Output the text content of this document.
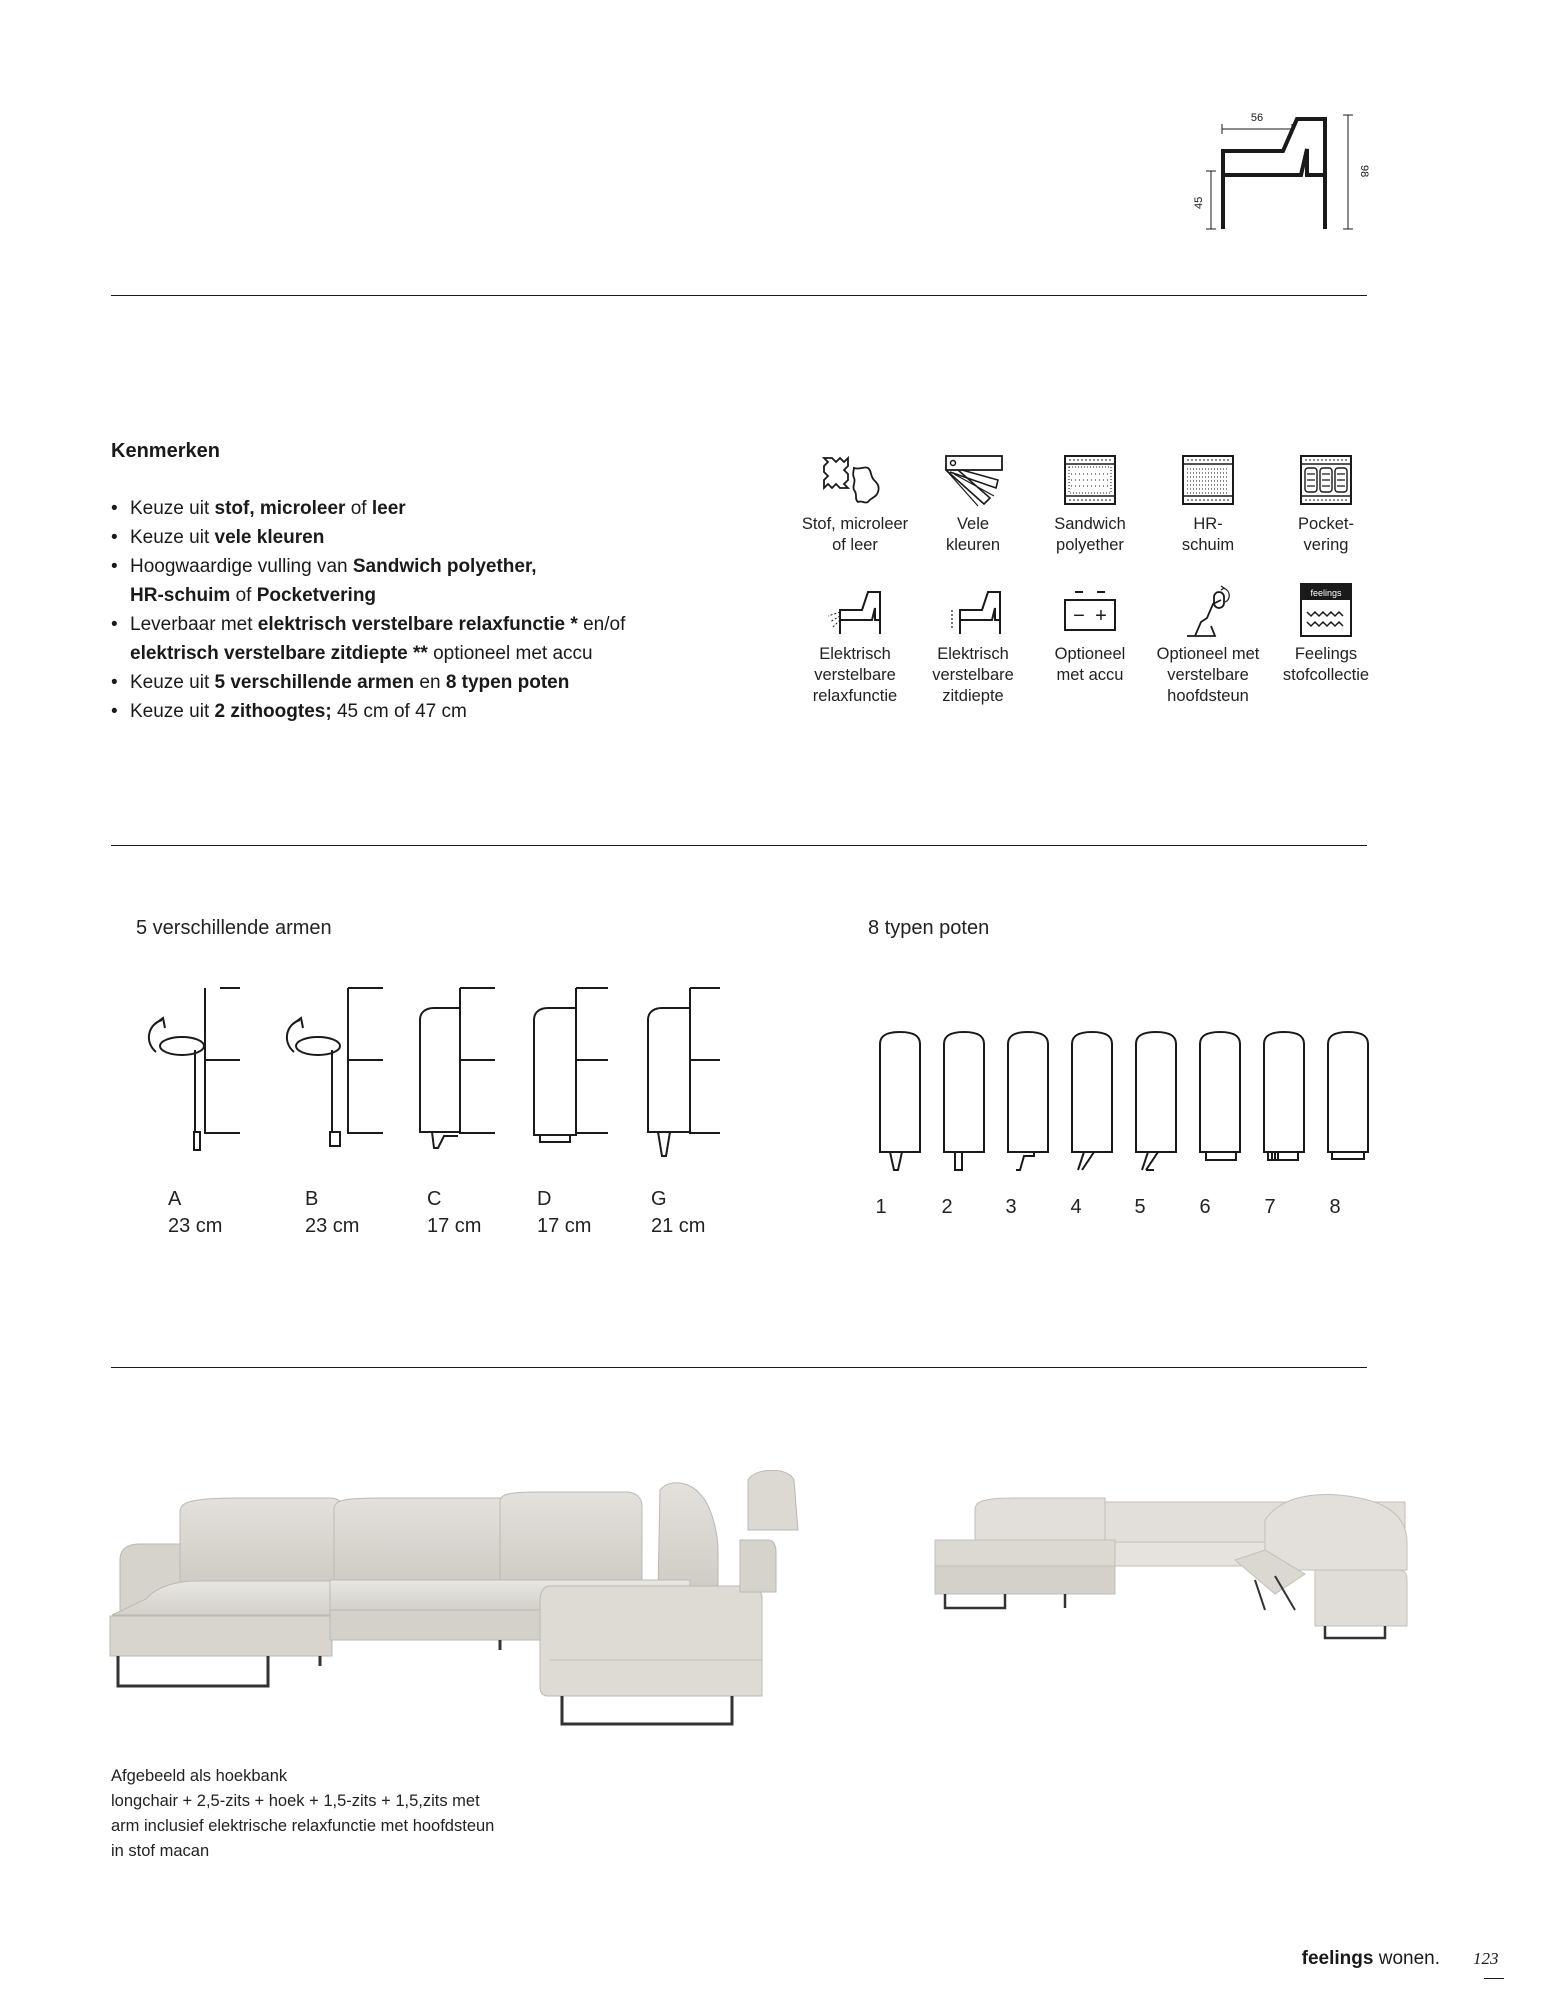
56
45
98
Kenmerken
• Keuze uit stof, microleer of leer
• Keuze uit vele kleuren
• Hoogwaardige vulling van Sandwich polyether,
HR-schuim of Pocketvering
• Leverbaar met elektrisch verstelbare relaxfunctie * en/of
elektrisch verstelbare zitdiepte ** optioneel met accu
• Keuze uit 5 verschillende armen en 8 typen poten
• Keuze uit 2 zithoogtes; 45 cm of 47 cm
Stof, microleer
of leer
Vele
kleuren
Sandwich
polyether
HR-
schuim
Pocket-
vering
Elektrisch
verstelbare
relaxfunctie
Elektrisch
verstelbare
zitdiepte
− +
Optioneel
met accu
Optioneel met
verstelbare
hoofdsteun
feelings
Feelings
stofcollectie
5 verschillende armen	8 typen poten
A
23 cm
B
23 cm
C
17 cm
D
17 cm
G
21 cm
1	2	3	4	5	6	7	8
Afgebeeld als hoekbank
longchair + 2,5-zits + hoek + 1,5-zits + 1,5,zits met
arm inclusief elektrische relaxfunctie met hoofdsteun
in stof macan
feelings wonen. 123
